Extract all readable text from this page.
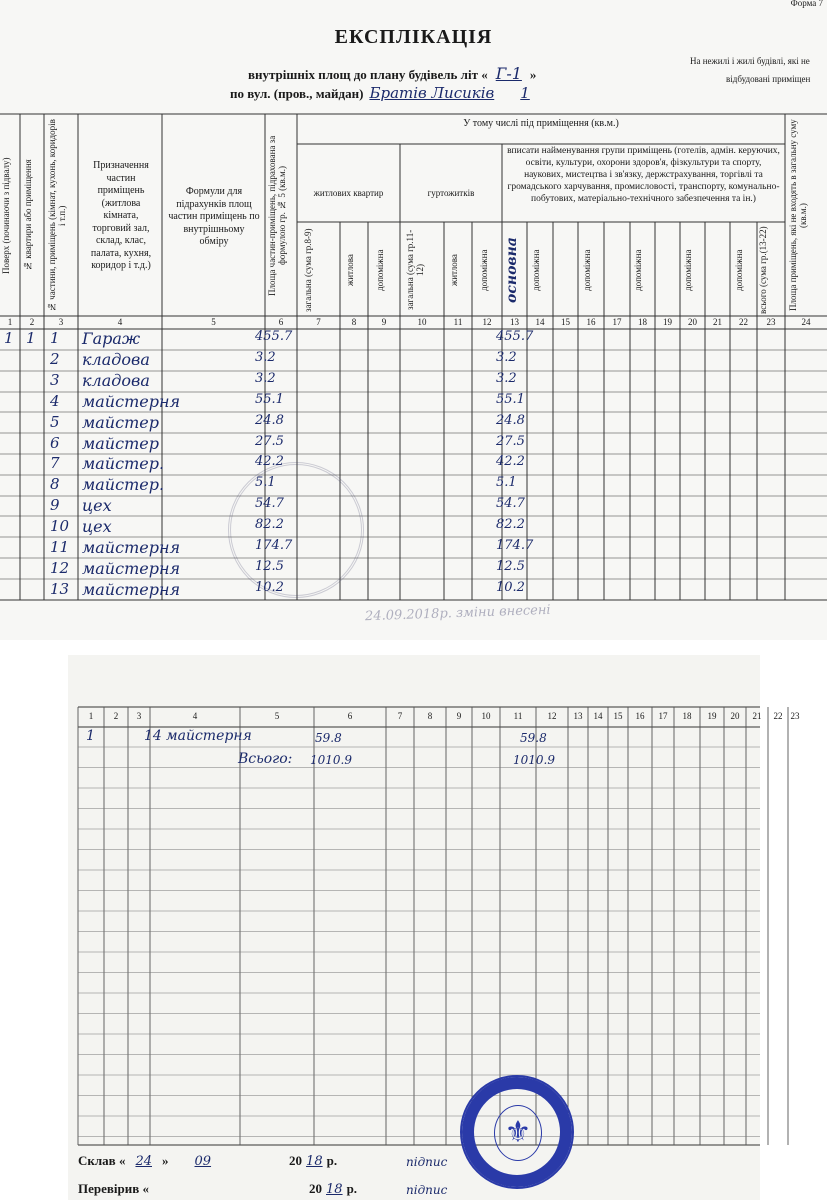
Форма 7
ЕКСПЛІКАЦІЯ
внутрішніх площ до плану будівель літ « Г-1 »
по вул. (пров., майдан) Братів Лисиків 1
На нежилі і жилі будівлі, які не
відбудовані приміщен
Поверх (починаючи з підвалу)	№ квартири або приміщення	№ частини, приміщень (кімнат, кухонь, коридорів і т.п.)
Призначення частин приміщень (житлова кімната, торговий зал, склад, клас, палата, кухня, коридор і т.д.)
Формули для підрахунків площ частин приміщень по внутрішньому обміру	Площа частин-приміщень, підрахована за формулою гр. № 5 (кв.м.)
У тому числі під приміщення (кв.м.)
житлових квартир	гуртожитків
вписати найменування групи приміщень (готелів, адмін. керуючих, освіти, культури, охорони здоров'я, фізкультури та спорту, наукових, мистецтва і зв'язку, держстрахування, торгівлі та громадського харчування, промисловості, транспорту, комунально-побутових, матеріально-технічного забезпечення та ін.)
загальна (сума гр.8-9)	житлова	допоміжна	загальна (сума гр.11-12)	житлова	допоміжна	основна	допоміжна	допоміжна	допоміжна	допоміжна	допоміжна	всього (сума гр.(13-22)	Площа приміщень, які не входять в загальну суму (кв.м.)
1	2	3	4	5	6	7	8	9	10	11	12	13	14	15	16	17	18	19	20	21	22	23	24
1 1 1 Гараж	455.7	455.7
2 кладова	3.2	3.2
3 кладова	3.2	3.2
4 майстерня	55.1	55.1
5 майстер	24.8	24.8
6 майстер	27.5	27.5
7 майстер.	42.2	42.2
8 майстер.	5.1	5.1
9 цех	54.7	54.7
10 цех	82.2	82.2
11 майстерня	174.7	174.7
12 майстерня	12.5	12.5
13 майстерня	10.2	10.2
24.09.2018р. зміни внесені
1	2	3	4	5	6	7	8	9	10	11	12	13	14	15	16	17	18	19	20	21	22 23
1	14 майстерня	59.8	59.8
Всього: 1010.9	1010.9
⚜
Склав « 24 » 09	20 18 р.	підпис
Перевірив «	20 18 р.	підпис
